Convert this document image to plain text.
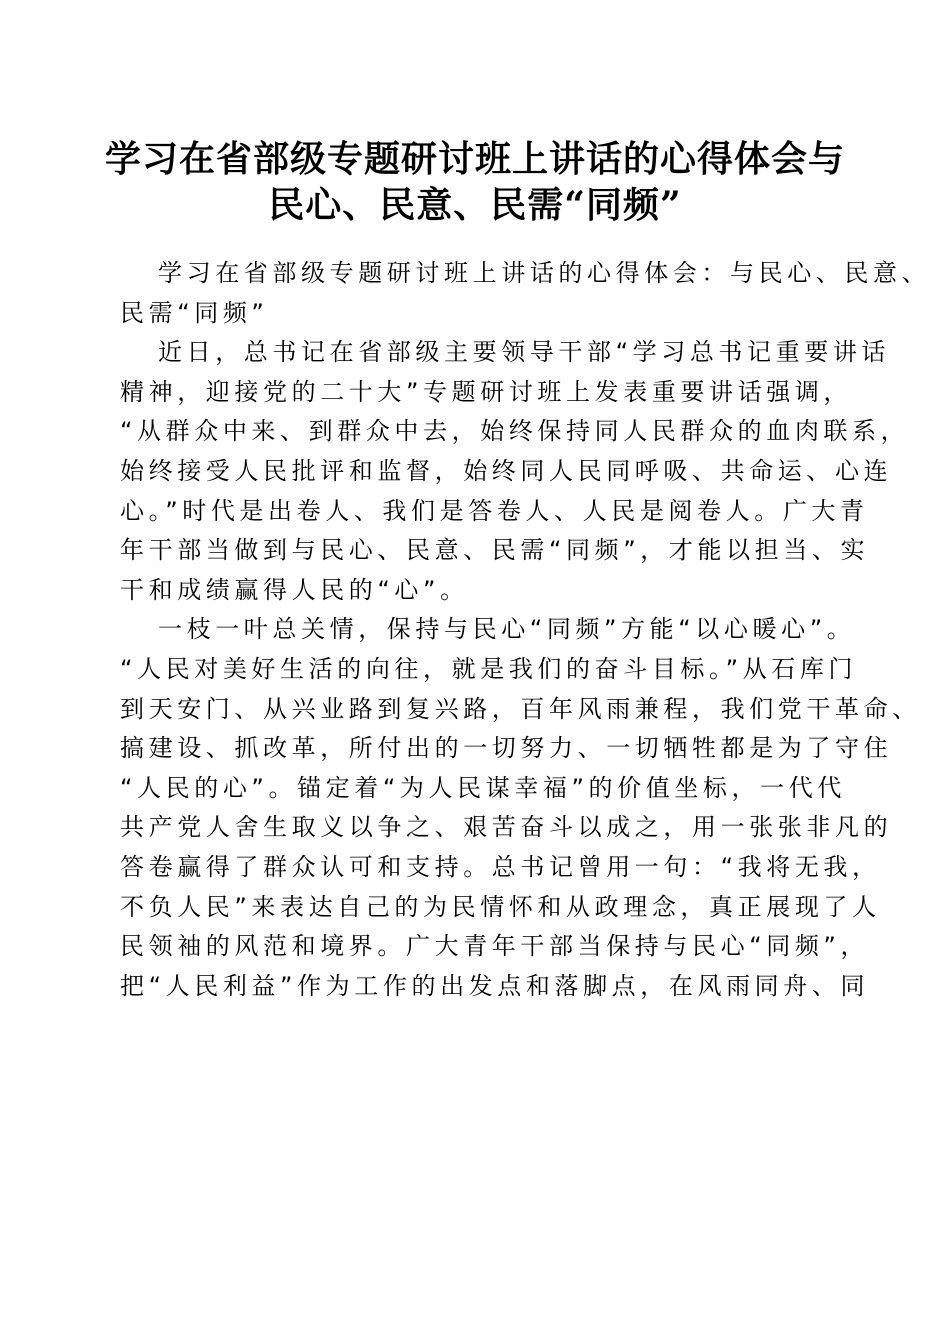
学习在省部级专题研讨班上讲话的心得体会与
民心、民意、民需“同频”
学习在省部级专题研讨班上讲话的心得体会：与民心、民意、
民需“同频”
近日，总书记在省部级主要领导干部“学习总书记重要讲话
精神，迎接党的二十大”专题研讨班上发表重要讲话强调，
“从群众中来、到群众中去，始终保持同人民群众的血肉联系，
始终接受人民批评和监督，始终同人民同呼吸、共命运、心连
心。”时代是出卷人、我们是答卷人、人民是阅卷人。广大青
年干部当做到与民心、民意、民需“同频”，才能以担当、实
干和成绩赢得人民的“心”。
一枝一叶总关情，保持与民心“同频”方能“以心暖心”。
“人民对美好生活的向往，就是我们的奋斗目标。”从石库门
到天安门、从兴业路到复兴路，百年风雨兼程，我们党干革命、
搞建设、抓改革，所付出的一切努力、一切牺牲都是为了守住
“人民的心”。锚定着“为人民谋幸福”的价值坐标，一代代
共产党人舍生取义以争之、艰苦奋斗以成之，用一张张非凡的
答卷赢得了群众认可和支持。总书记曾用一句：“我将无我，
不负人民”来表达自己的为民情怀和从政理念，真正展现了人
民领袖的风范和境界。广大青年干部当保持与民心“同频”，
把“人民利益”作为工作的出发点和落脚点，在风雨同舟、同
